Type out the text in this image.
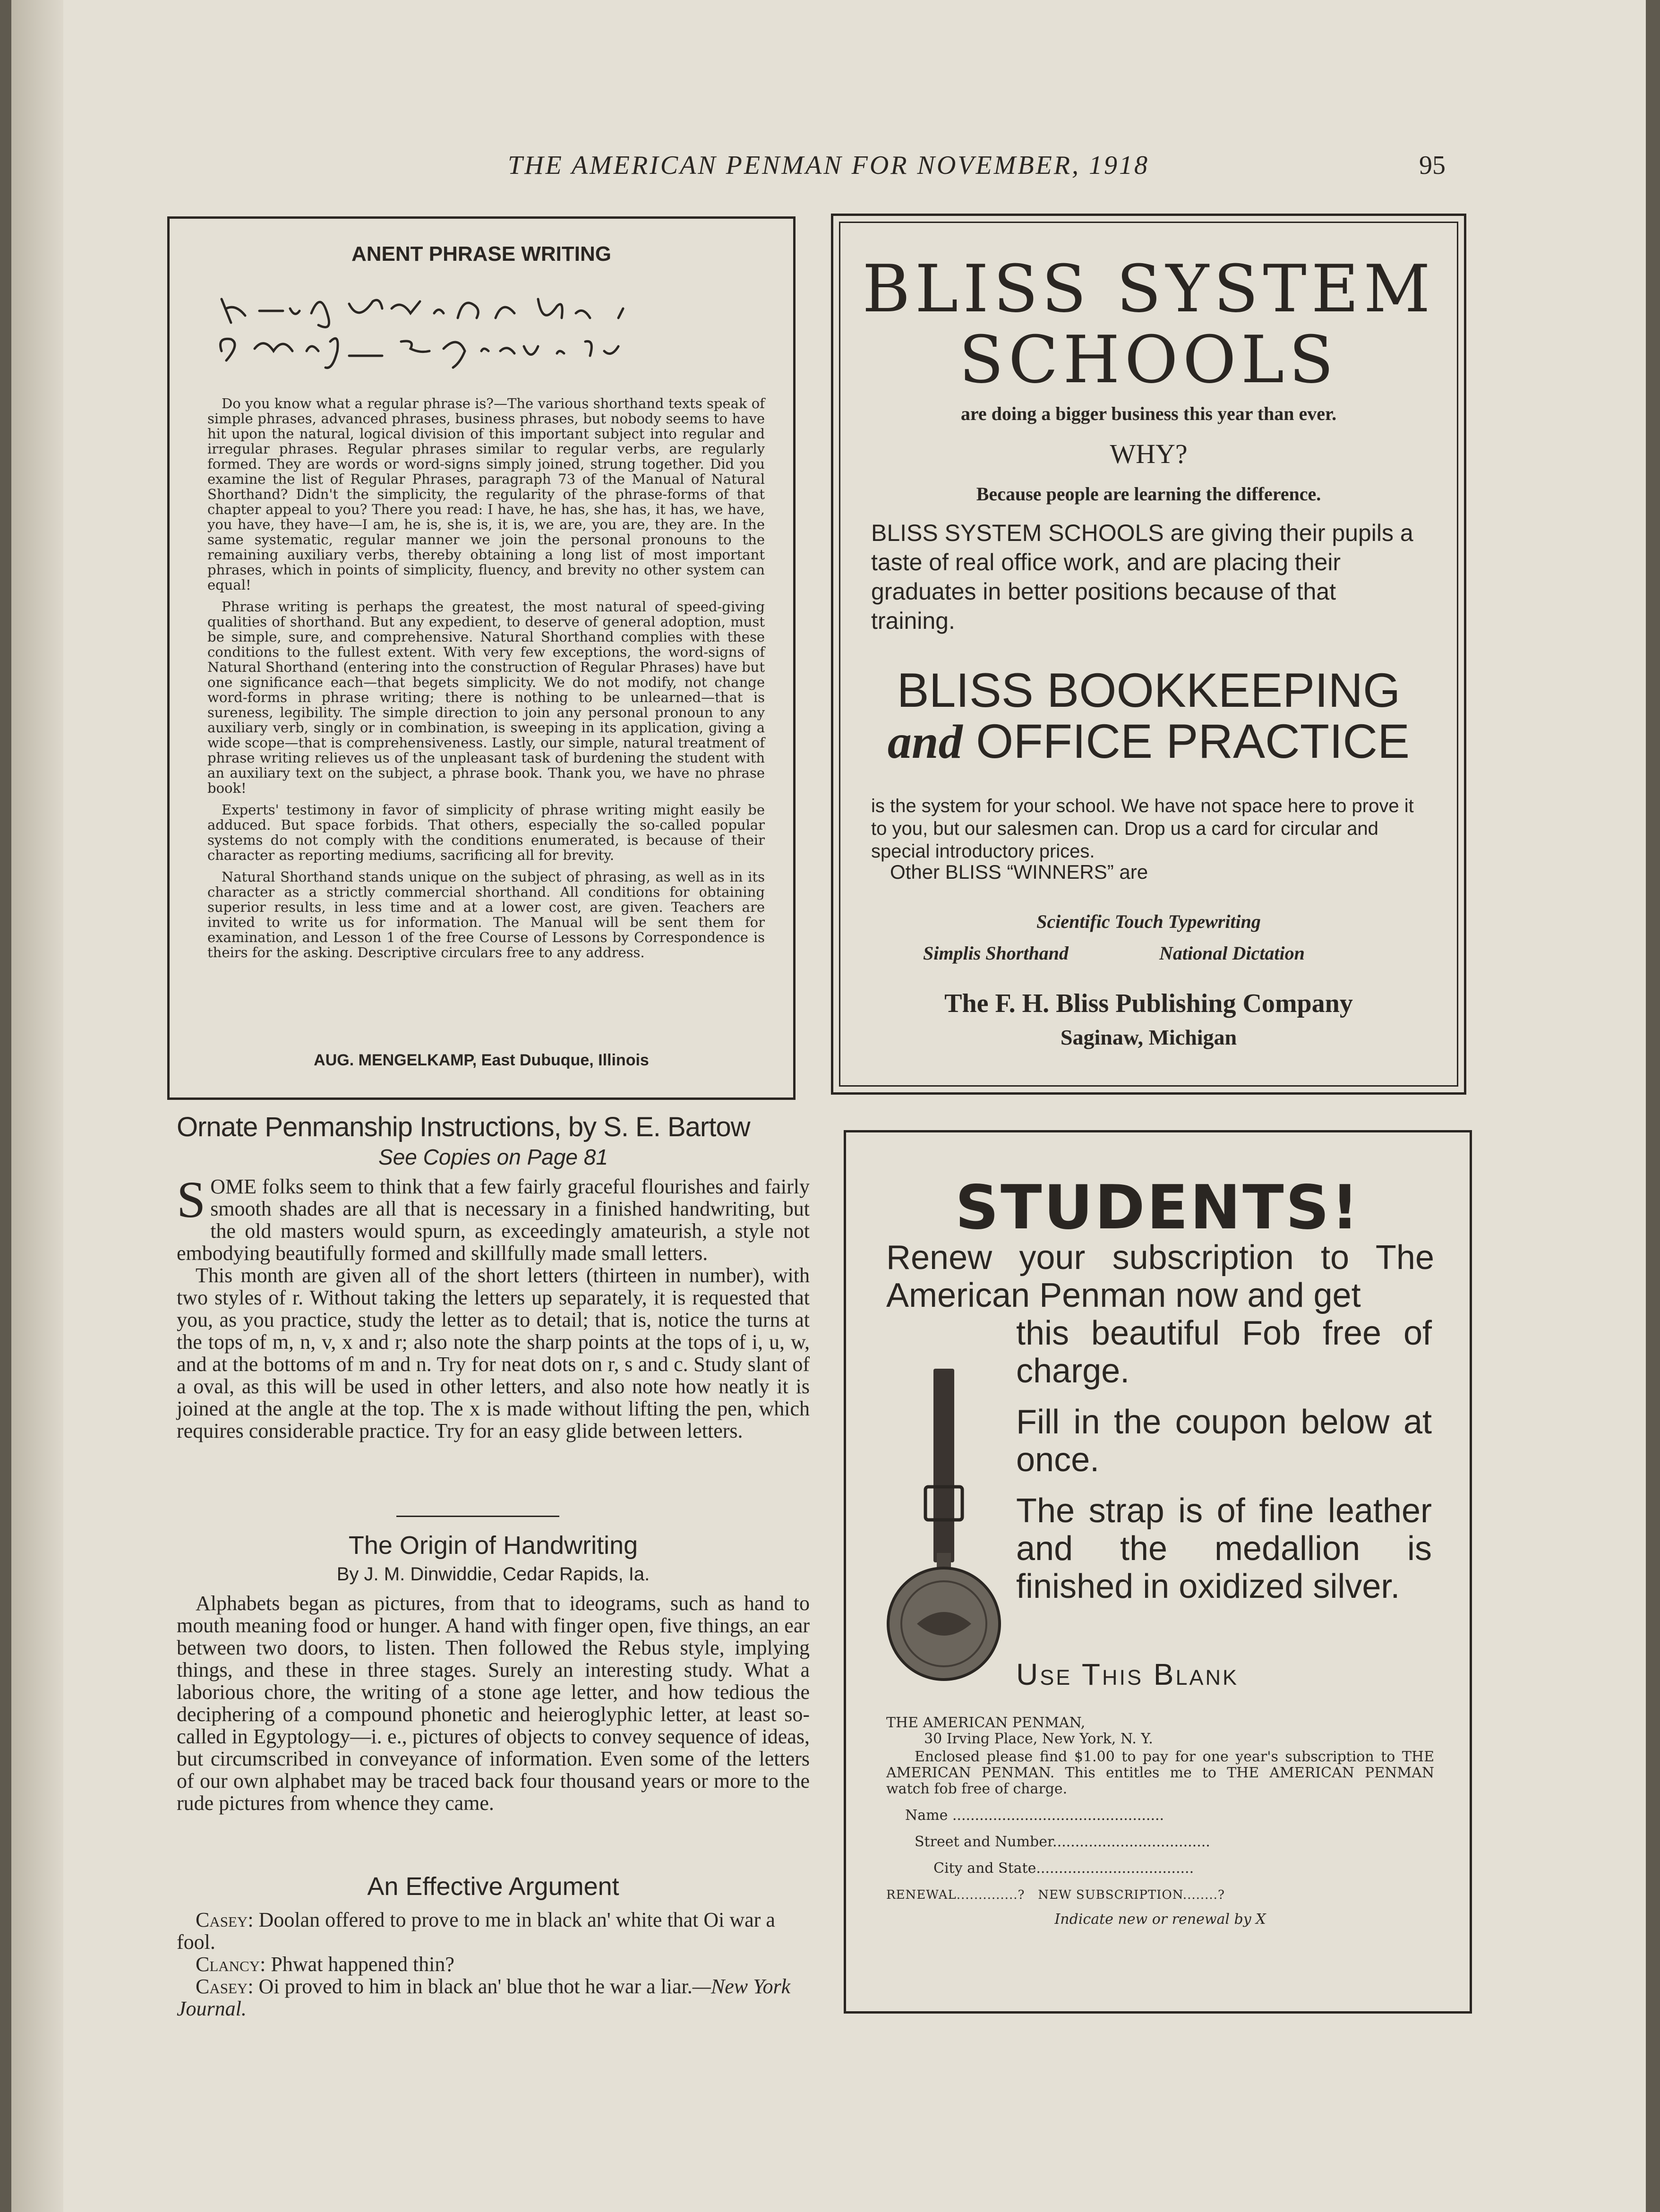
THE AMERICAN PENMAN FOR NOVEMBER, 1918	95
ANENT PHRASE WRITING

Do you know what a regular phrase is?—The various shorthand texts speak of simple phrases, advanced phrases, business phrases, but nobody seems to have hit upon the natural, logical division of this important subject into regular and irregular phrases. Regular phrases similar to regular verbs, are regularly formed. They are words or word-signs simply joined, strung together. Did you examine the list of Regular Phrases, paragraph 73 of the Manual of Natural Shorthand? Didn't the simplicity, the regularity of the phrase-forms of that chapter appeal to you? There you read: I have, he has, she has, it has, we have, you have, they have—I am, he is, she is, it is, we are, you are, they are. In the same systematic, regular manner we join the personal pronouns to the remaining auxiliary verbs, thereby obtaining a long list of most important phrases, which in points of simplicity, fluency, and brevity no other system can equal!

Phrase writing is perhaps the greatest, the most natural of speed-giving qualities of shorthand. But any expedient, to deserve of general adoption, must be simple, sure, and comprehensive. Natural Shorthand complies with these conditions to the fullest extent. With very few exceptions, the word-signs of Natural Shorthand (entering into the construction of Regular Phrases) have but one significance each—that begets simplicity. We do not modify, not change word-forms in phrase writing; there is nothing to be unlearned—that is sureness, legibility. The simple direction to join any personal pronoun to any auxiliary verb, singly or in combination, is sweeping in its application, giving a wide scope—that is comprehensiveness. Lastly, our simple, natural treatment of phrase writing relieves us of the unpleasant task of burdening the student with an auxiliary text on the subject, a phrase book. Thank you, we have no phrase book!

Experts' testimony in favor of simplicity of phrase writing might easily be adduced. But space forbids. That others, especially the so-called popular systems do not comply with the conditions enumerated, is because of their character as reporting mediums, sacrificing all for brevity.

Natural Shorthand stands unique on the subject of phrasing, as well as in its character as a strictly commercial shorthand. All conditions for obtaining superior results, in less time and at a lower cost, are given. Teachers are invited to write us for information. The Manual will be sent them for examination, and Lesson 1 of the free Course of Lessons by Correspondence is theirs for the asking. Descriptive circulars free to any address.

AUG. MENGELKAMP, East Dubuque, Illinois
BLISS SYSTEM SCHOOLS
are doing a bigger business this year than ever.
WHY?
Because people are learning the difference.
BLISS SYSTEM SCHOOLS are giving their pupils a taste of real office work, and are placing their graduates in better positions because of that training.
BLISS BOOKKEEPING
and OFFICE PRACTICE
is the system for your school. We have not space here to prove it to you, but our salesmen can. Drop us a card for circular and special introductory prices.
Other BLISS “WINNERS” are
Scientific Touch Typewriting
Simplis Shorthand	National Dictation
The F. H. Bliss Publishing Company
Saginaw, Michigan
Ornate Penmanship Instructions, by S. E. Bartow
See Copies on Page 81

SOME folks seem to think that a few fairly graceful flourishes and fairly smooth shades are all that is necessary in a finished handwriting, but the old masters would spurn, as exceedingly amateurish, a style not embodying beautifully formed and skillfully made small letters.

This month are given all of the short letters (thirteen in number), with two styles of r. Without taking the letters up separately, it is requested that you, as you practice, study the letter as to detail; that is, notice the turns at the tops of m, n, v, x and r; also note the sharp points at the tops of i, u, w, and at the bottoms of m and n. Try for neat dots on r, s and c. Study slant of a oval, as this will be used in other letters, and also note how neatly it is joined at the angle at the top. The x is made without lifting the pen, which requires considerable practice. Try for an easy glide between letters.

The Origin of Handwriting
By J. M. Dinwiddie, Cedar Rapids, Ia.

Alphabets began as pictures, from that to ideograms, such as hand to mouth meaning food or hunger. A hand with finger open, five things, an ear between two doors, to listen. Then followed the Rebus style, implying things, and these in three stages. Surely an interesting study. What a laborious chore, the writing of a stone age letter, and how tedious the deciphering of a compound phonetic and heieroglyphic letter, at least so-called in Egyptology—i. e., pictures of objects to convey sequence of ideas, but circumscribed in conveyance of information. Even some of the letters of our own alphabet may be traced back four thousand years or more to the rude pictures from whence they came.

An Effective Argument

Casey: Doolan offered to prove to me in black an' white that Oi war a fool.

Clancy: Phwat happened thin?

Casey: Oi proved to him in black an' blue thot he war a liar.—New York Journal.

STUDENTS!
Renew your subscription to The American Penman now and get

this beautiful Fob free of charge.

Fill in the coupon below at once.

The strap is of fine leather and the medallion is finished in oxidized silver.

Use This Blank
THE AMERICAN PENMAN,
30 Irving Place, New York, N. Y.
Enclosed please find $1.00 to pay for one year's subscription to THE AMERICAN PENMAN. This entitles me to THE AMERICAN PENMAN watch fob free of charge.
Name ...............................................
Street and Number...................................
City and State...................................
RENEWAL..............?   NEW SUBSCRIPTION........?
Indicate new or renewal by X
